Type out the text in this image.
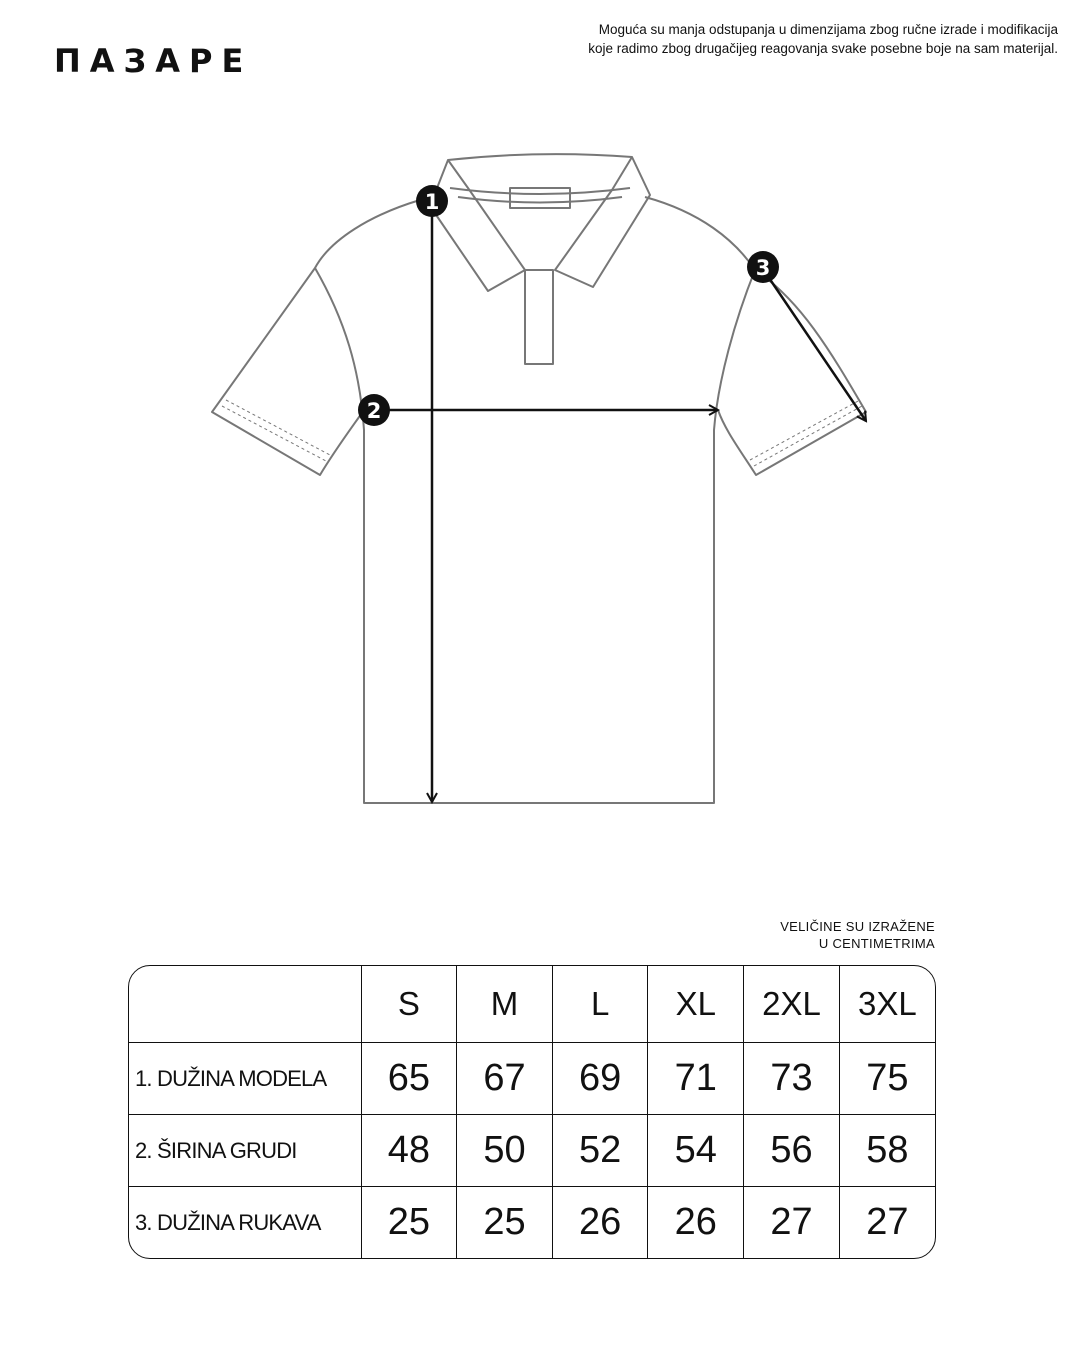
ПАЗАРЕ
Moguća su manja odstupanja u dimenzijama zbog ručne izrade i modifikacija
koje radimo zbog drugačijeg reagovanja svake posebne boje na sam materijal.
1
2
3
VELIČINE SU IZRAŽENE
U CENTIMETRIMA
	S	M	L	XL	2XL	3XL
1. DUŽINA MODELA	65	67	69	71	73	75
2. ŠIRINA GRUDI	48	50	52	54	56	58
3. DUŽINA RUKAVA	25	25	26	26	27	27
